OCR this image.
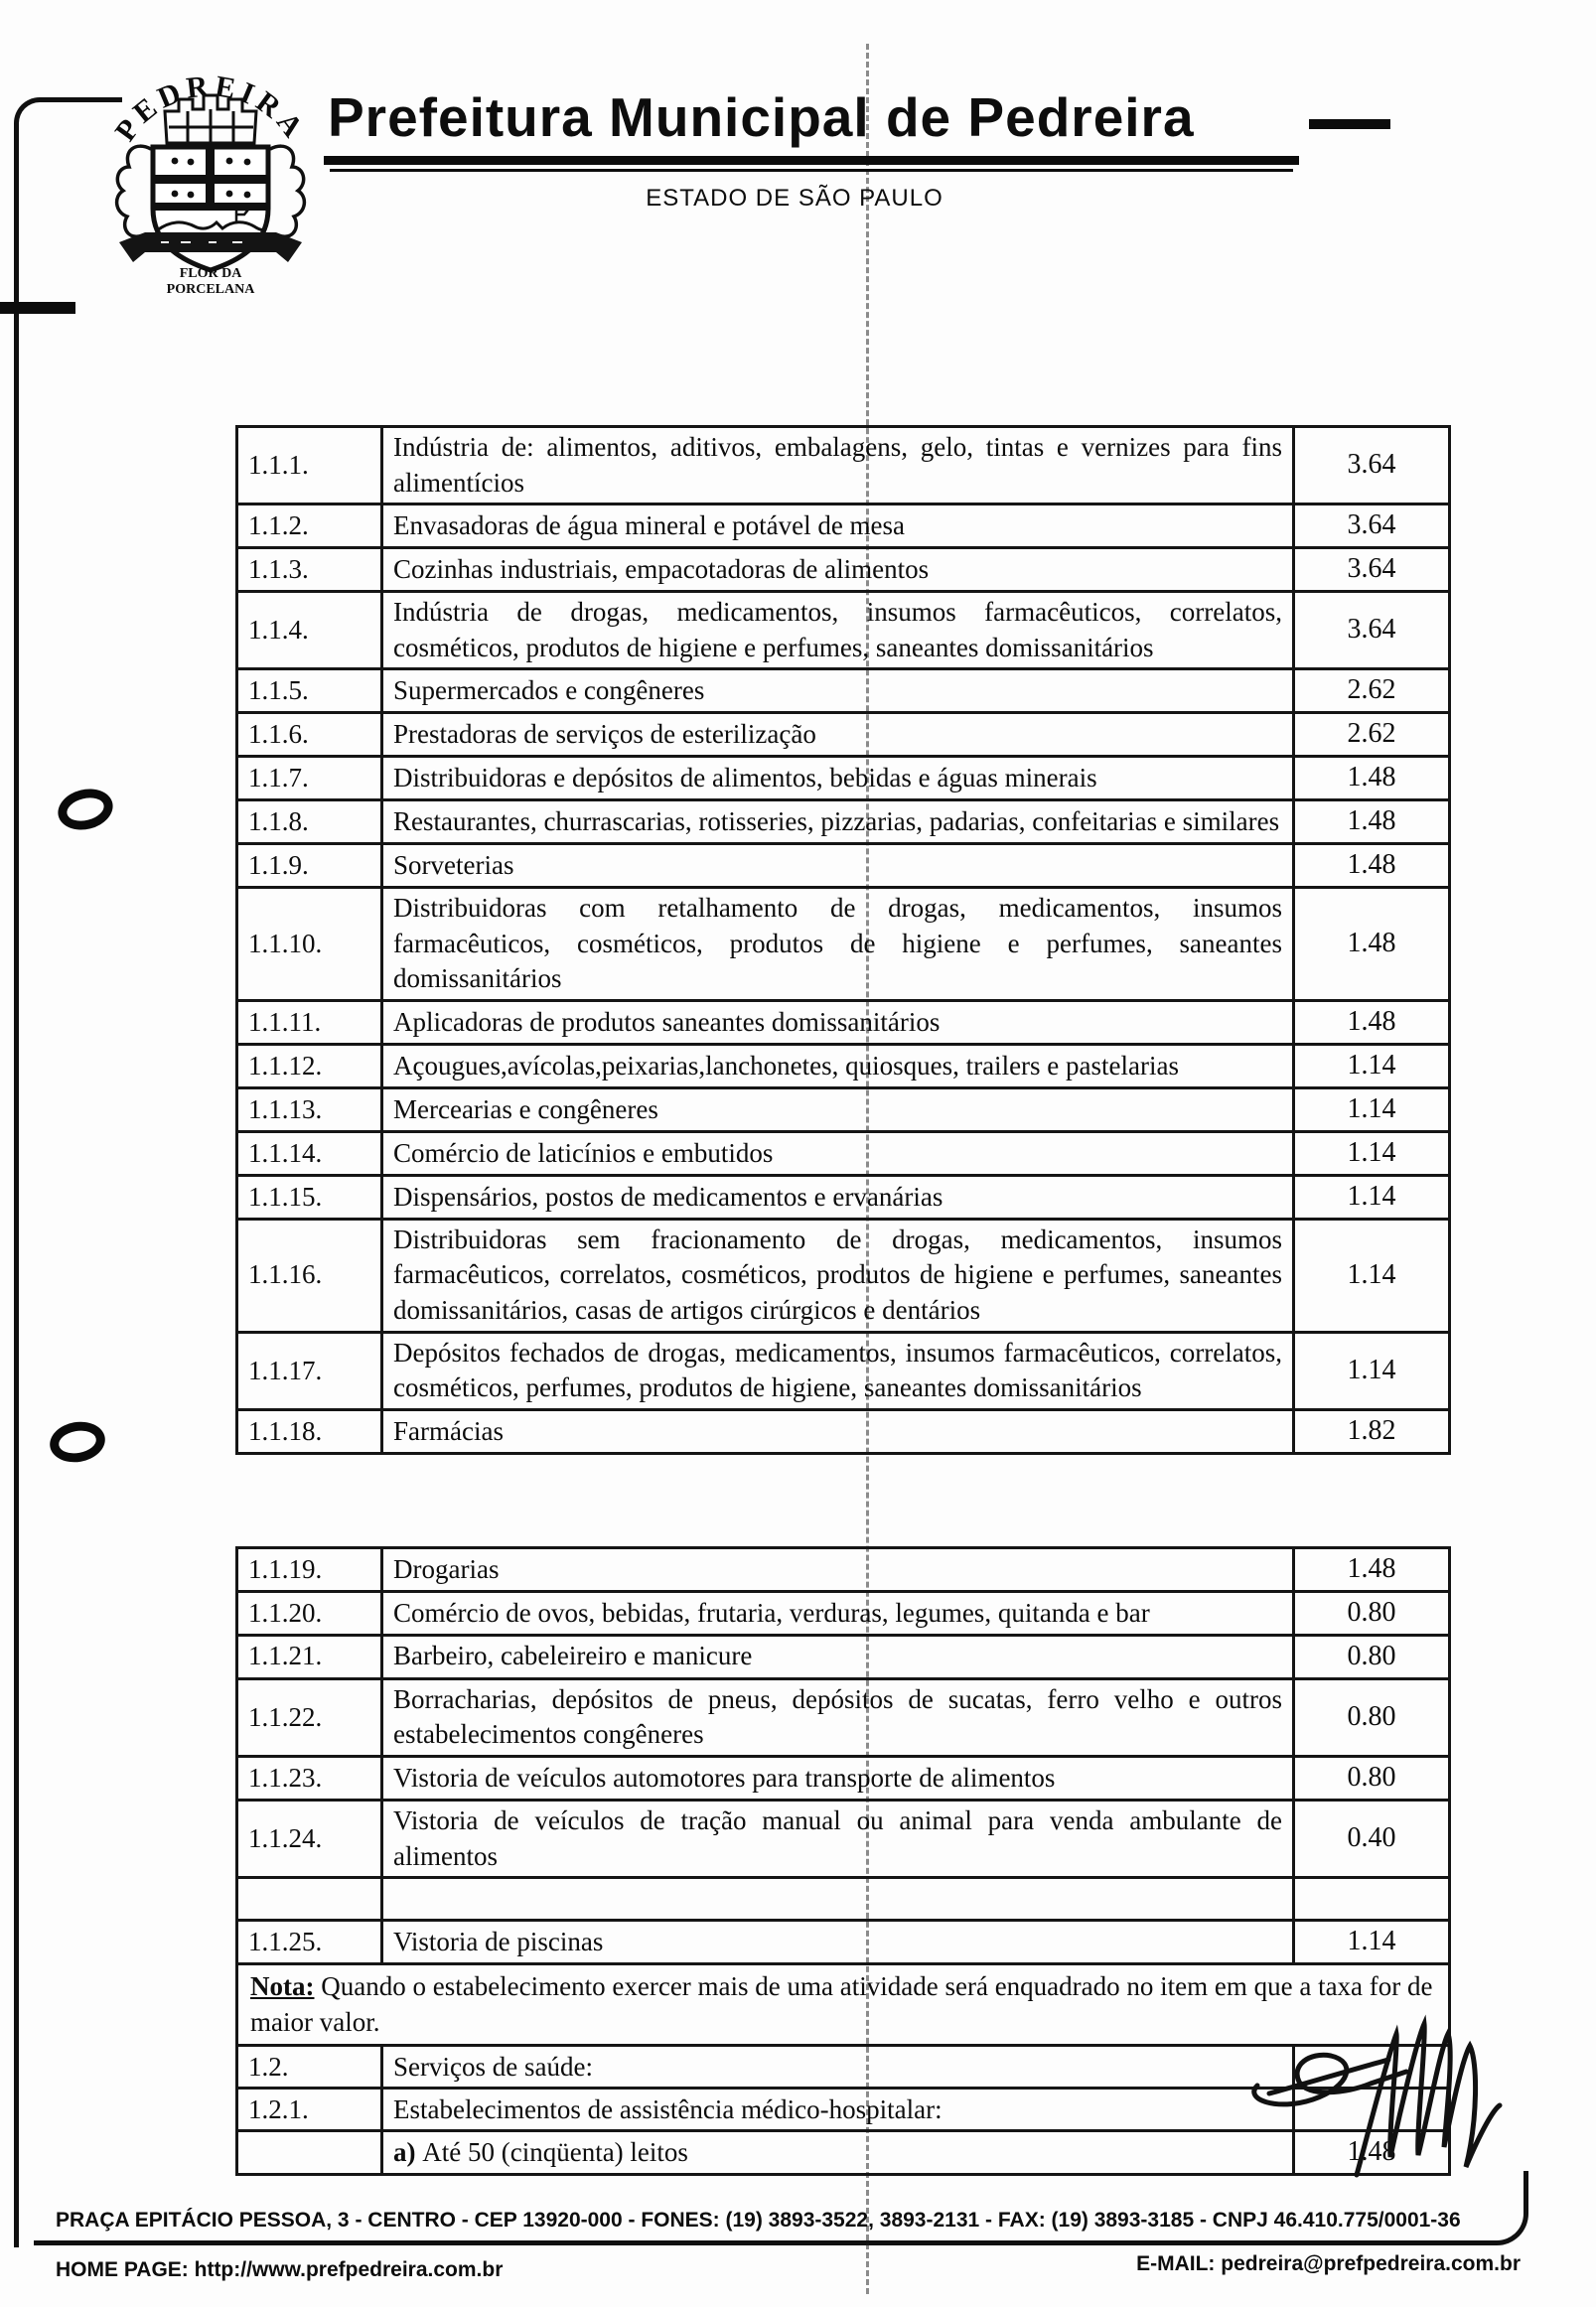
PEDREIRA
FLOR DA
PORCELANA
Prefeitura Municipal de Pedreira
ESTADO DE SÃO PAULO
1.1.1.	Indústria de: alimentos, aditivos, embalagens, gelo, tintas e vernizes para fins alimentícios	3.64
1.1.2.	Envasadoras de água mineral e potável de mesa	3.64
1.1.3.	Cozinhas industriais, empacotadoras de alimentos	3.64
1.1.4.	Indústria de drogas, medicamentos, insumos farmacêuticos, correlatos, cosméticos, produtos de higiene e perfumes, saneantes domissanitários	3.64
1.1.5.	Supermercados e congêneres	2.62
1.1.6.	Prestadoras de serviços de esterilização	2.62
1.1.7.	Distribuidoras e depósitos de alimentos, bebidas e águas minerais	1.48
1.1.8.	Restaurantes, churrascarias, rotisseries, pizzarias, padarias, confeitarias e similares	1.48
1.1.9.	Sorveterias	1.48
1.1.10.	Distribuidoras com retalhamento de drogas, medicamentos, insumos farmacêuticos, cosméticos, produtos de higiene e perfumes, saneantes domissanitários	1.48
1.1.11.	Aplicadoras de produtos saneantes domissanitários	1.48
1.1.12.	Açougues,avícolas,peixarias,lanchonetes, quiosques, trailers e pastelarias	1.14
1.1.13.	Mercearias e congêneres	1.14
1.1.14.	Comércio de laticínios e embutidos	1.14
1.1.15.	Dispensários, postos de medicamentos e ervanárias	1.14
1.1.16.	Distribuidoras sem fracionamento de drogas, medicamentos, insumos farmacêuticos, correlatos, cosméticos, produtos de higiene e perfumes, saneantes domissanitários, casas de artigos cirúrgicos e dentários	1.14
1.1.17.	Depósitos fechados de drogas, medicamentos, insumos farmacêuticos, correlatos, cosméticos, perfumes, produtos de higiene, saneantes domissanitários	1.14
1.1.18.	Farmácias	1.82
1.1.19.	Drogarias	1.48
1.1.20.	Comércio de ovos, bebidas, frutaria, verduras, legumes, quitanda e bar	0.80
1.1.21.	Barbeiro, cabeleireiro e manicure	0.80
1.1.22.	Borracharias, depósitos de pneus, depósitos de sucatas, ferro velho e outros estabelecimentos congêneres	0.80
1.1.23.	Vistoria de veículos automotores para transporte de alimentos	0.80
1.1.24.	Vistoria de veículos de tração manual ou animal para venda ambulante de alimentos	0.40

1.1.25.	Vistoria de piscinas	1.14
Nota: Quando o estabelecimento exercer mais de uma atividade será enquadrado no item em que a taxa for de maior valor.		
1.2.	Serviços de saúde:	
1.2.1.	Estabelecimentos de assistência médico-hospitalar:	
	a) Até 50 (cinqüenta) leitos	1.48
PRAÇA EPITÁCIO PESSOA, 3 - CENTRO - CEP 13920-000 - FONES: (19) 3893-3522, 3893-2131 - FAX: (19) 3893-3185 - CNPJ 46.410.775/0001-36
HOME PAGE: http://www.prefpedreira.com.br	E-MAIL: pedreira@prefpedreira.com.br
